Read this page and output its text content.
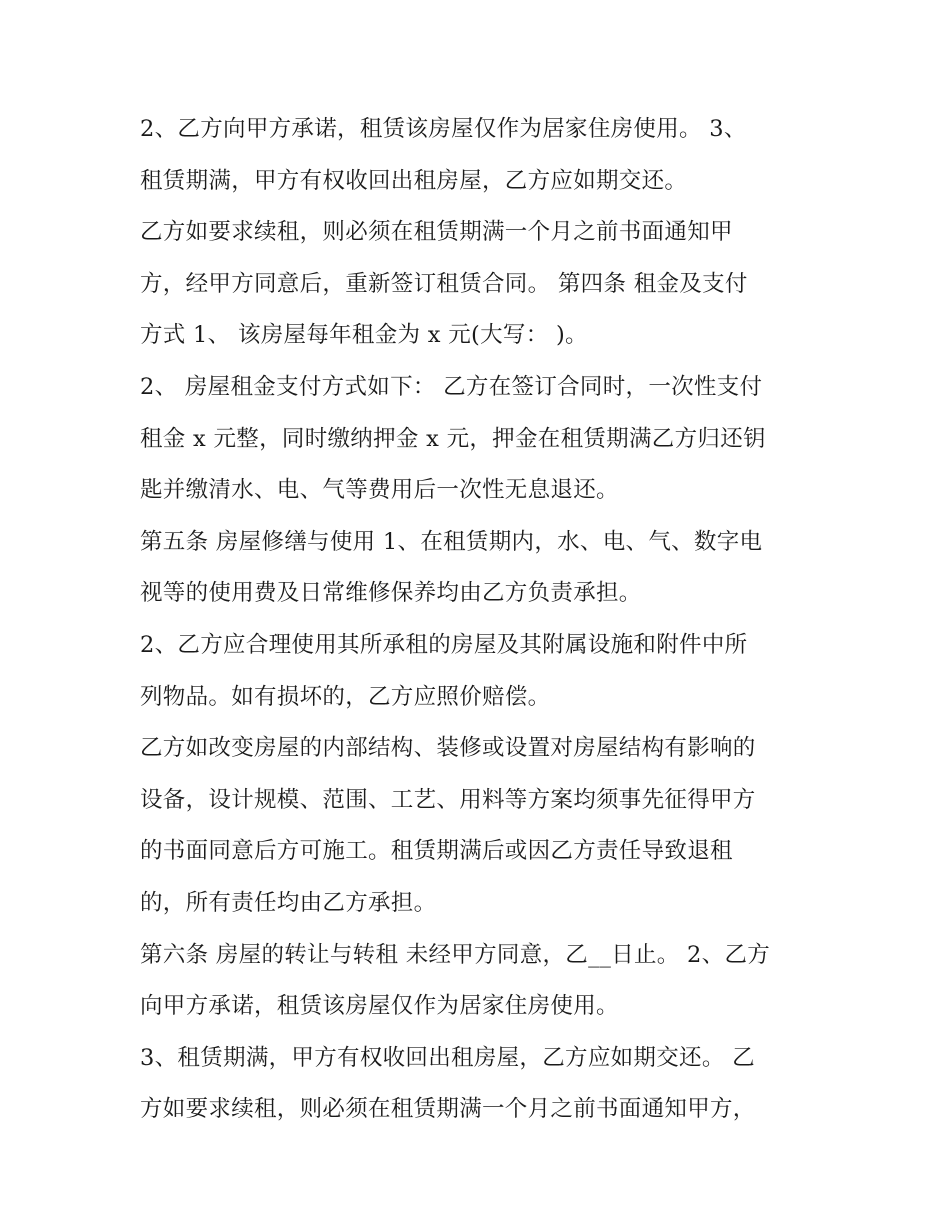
2、乙方向甲方承诺，租赁该房屋仅作为居家住房使用。 3、
租赁期满，甲方有权收回出租房屋，乙方应如期交还。
乙方如要求续租，则必须在租赁期满一个月之前书面通知甲
方，经甲方同意后，重新签订租赁合同。 第四条 租金及支付
方式 1、 该房屋每年租金为 x 元(大写： )。
2、 房屋租金支付方式如下： 乙方在签订合同时，一次性支付
租金 x 元整，同时缴纳押金 x 元，押金在租赁期满乙方归还钥
匙并缴清水、电、气等费用后一次性无息退还。
第五条 房屋修缮与使用 1、在租赁期内，水、电、气、数字电
视等的使用费及日常维修保养均由乙方负责承担。
2、乙方应合理使用其所承租的房屋及其附属设施和附件中所
列物品。如有损坏的，乙方应照价赔偿。
乙方如改变房屋的内部结构、装修或设置对房屋结构有影响的
设备，设计规模、范围、工艺、用料等方案均须事先征得甲方
的书面同意后方可施工。租赁期满后或因乙方责任导致退租
的，所有责任均由乙方承担。
第六条 房屋的转让与转租 未经甲方同意，乙__日止。 2、乙方
向甲方承诺，租赁该房屋仅作为居家住房使用。
3、租赁期满，甲方有权收回出租房屋，乙方应如期交还。 乙
方如要求续租，则必须在租赁期满一个月之前书面通知甲方，
